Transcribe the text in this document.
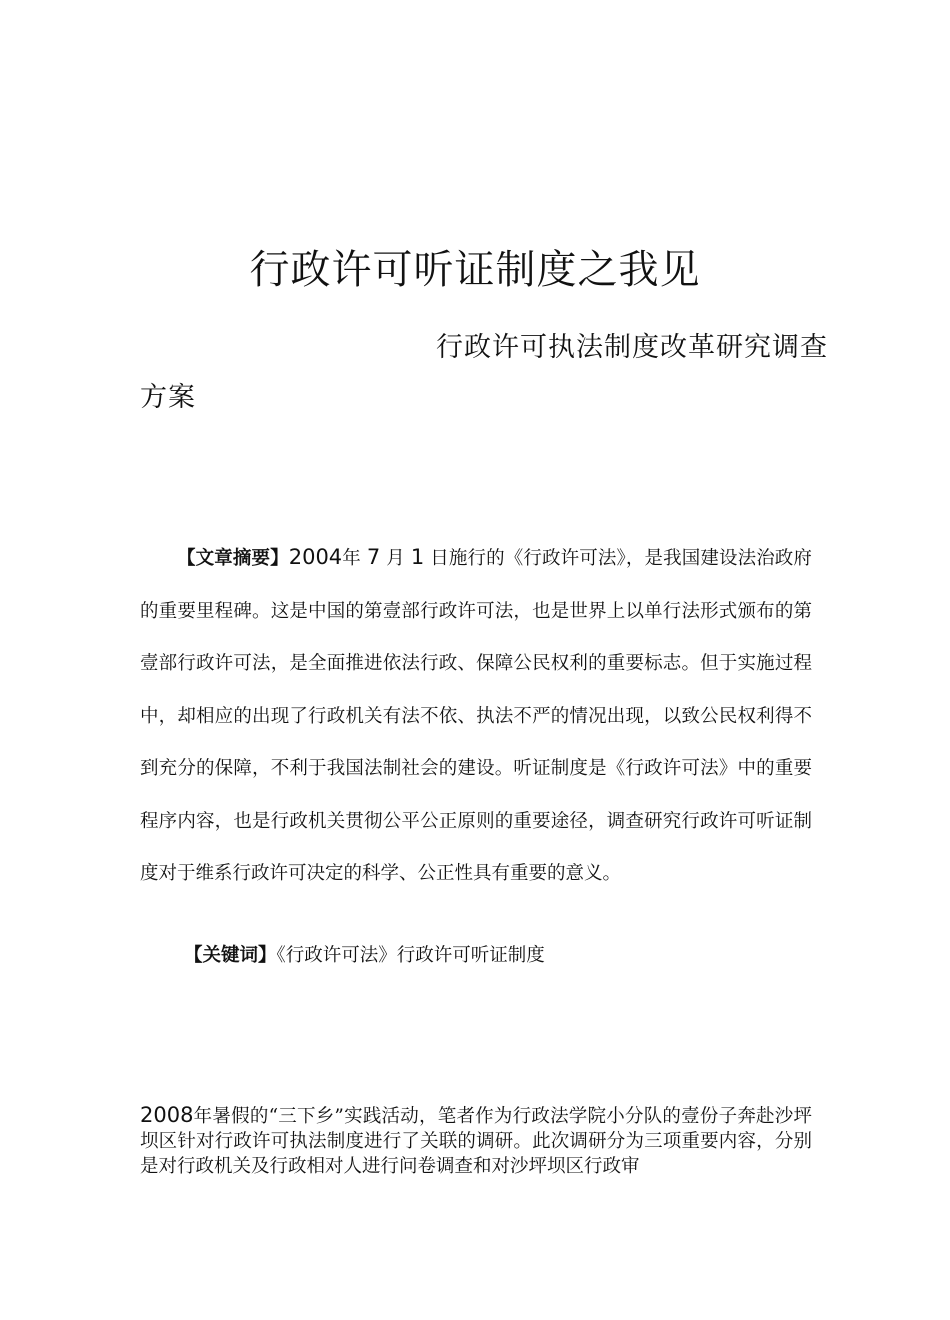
行政许可听证制度之我见
行政许可执法制度改革研究调查
方案
【文章摘要】2004年 7 月 1 日施行的《行政许可法》，是我国建设法治政府的重要里程碑。这是中国的第壹部行政许可法，也是世界上以单行法形式颁布的第壹部行政许可法，是全面推进依法行政、保障公民权利的重要标志。但于实施过程中，却相应的出现了行政机关有法不依、执法不严的情况出现，以致公民权利得不到充分的保障，不利于我国法制社会的建设。听证制度是《行政许可法》中的重要程序内容，也是行政机关贯彻公平公正原则的重要途径，调查研究行政许可听证制度对于维系行政许可决定的科学、公正性具有重要的意义。
【关键词】《行政许可法》行政许可听证制度
2008年暑假的“三下乡”实践活动，笔者作为行政法学院小分队的壹份子奔赴沙坪坝区针对行政许可执法制度进行了关联的调研。此次调研分为三项重要内容，分别是对行政机关及行政相对人进行问卷调查和对沙坪坝区行政审
